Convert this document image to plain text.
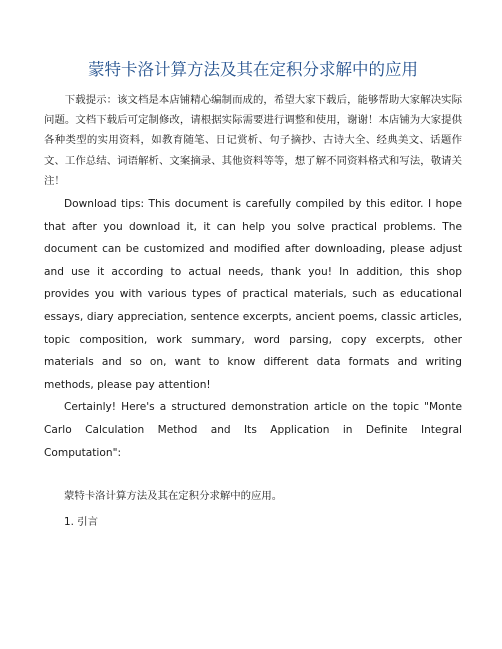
蒙特卡洛计算方法及其在定积分求解中的应用

下载提示：该文档是本店铺精心编制而成的，希望大家下载后，能够帮助大家解决实际问题。文档下载后可定制修改，请根据实际需要进行调整和使用，谢谢！本店铺为大家提供各种类型的实用资料，如教育随笔、日记赏析、句子摘抄、古诗大全、经典美文、话题作文、工作总结、词语解析、文案摘录、其他资料等等，想了解不同资料格式和写法，敬请关注！

Download tips: This document is carefully compiled by this editor. I hope that after you download it, it can help you solve practical problems. The document can be customized and modified after downloading, please adjust and use it according to actual needs, thank you! In addition, this shop provides you with various types of practical materials, such as educational essays, diary appreciation, sentence excerpts, ancient poems, classic articles, topic composition, work summary, word parsing, copy excerpts, other materials and so on, want to know different data formats and writing methods, please pay attention!

Certainly! Here's a structured demonstration article on the topic "Monte Carlo Calculation Method and Its Application in Definite Integral Computation":

蒙特卡洛计算方法及其在定积分求解中的应用。

1. 引言
